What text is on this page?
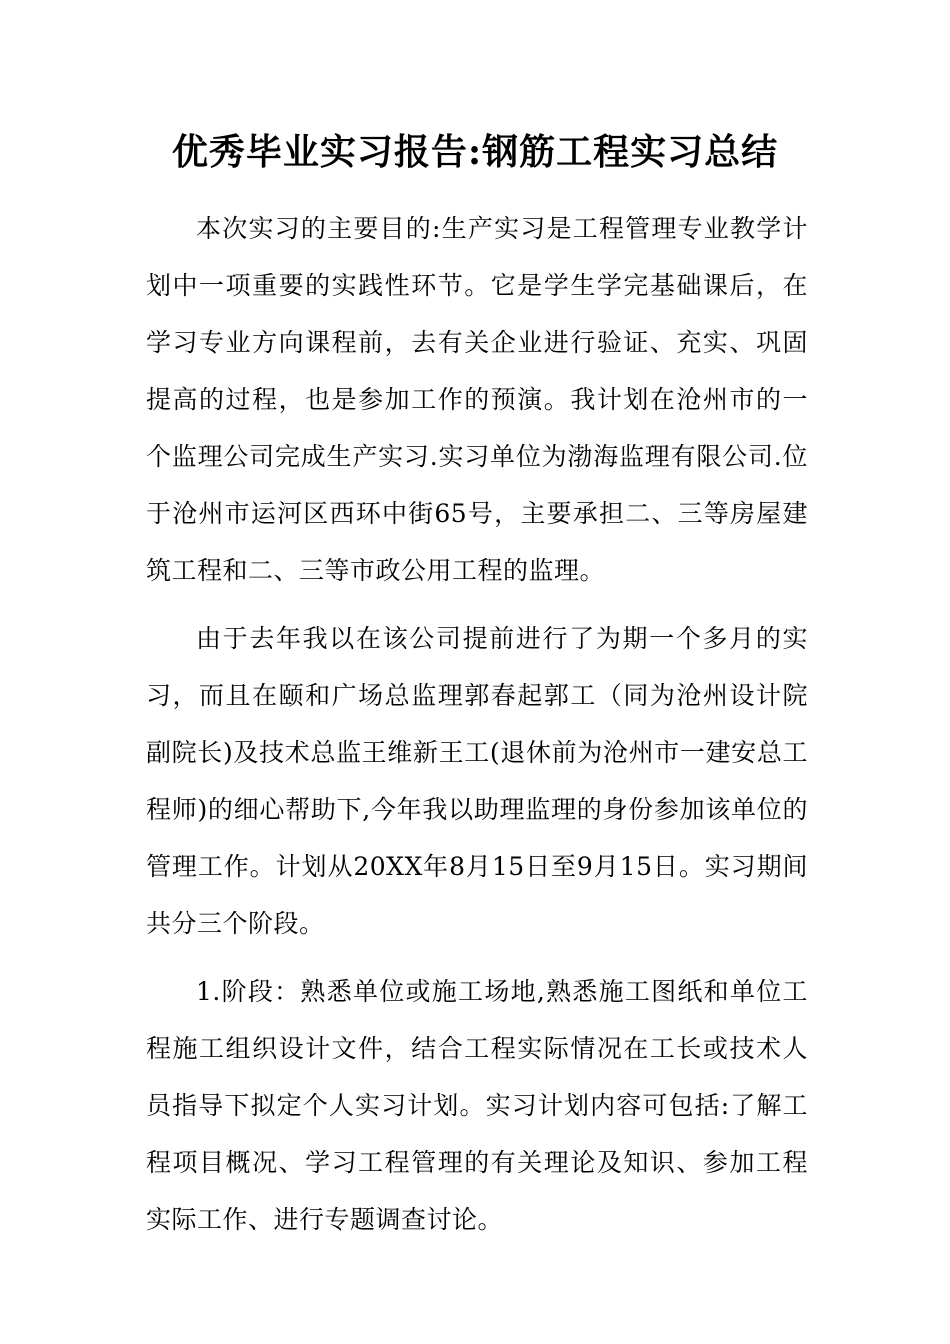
优秀毕业实习报告:钢筋工程实习总结

本次实习的主要目的:生产实习是工程管理专业教学计划中一项重要的实践性环节。它是学生学完基础课后，在学习专业方向课程前，去有关企业进行验证、充实、巩固提高的过程，也是参加工作的预演。我计划在沧州市的一个监理公司完成生产实习.实习单位为渤海监理有限公司.位于沧州市运河区西环中街65号，主要承担二、三等房屋建筑工程和二、三等市政公用工程的监理。

由于去年我以在该公司提前进行了为期一个多月的实习，而且在颐和广场总监理郭春起郭工（同为沧州设计院副院长)及技术总监王维新王工(退休前为沧州市一建安总工程师)的细心帮助下,今年我以助理监理的身份参加该单位的管理工作。计划从20XX年8月15日至9月15日。实习期间共分三个阶段。

1.阶段：熟悉单位或施工场地,熟悉施工图纸和单位工程施工组织设计文件，结合工程实际情况在工长或技术人员指导下拟定个人实习计划。实习计划内容可包括:了解工程项目概况、学习工程管理的有关理论及知识、参加工程实际工作、进行专题调查讨论。
